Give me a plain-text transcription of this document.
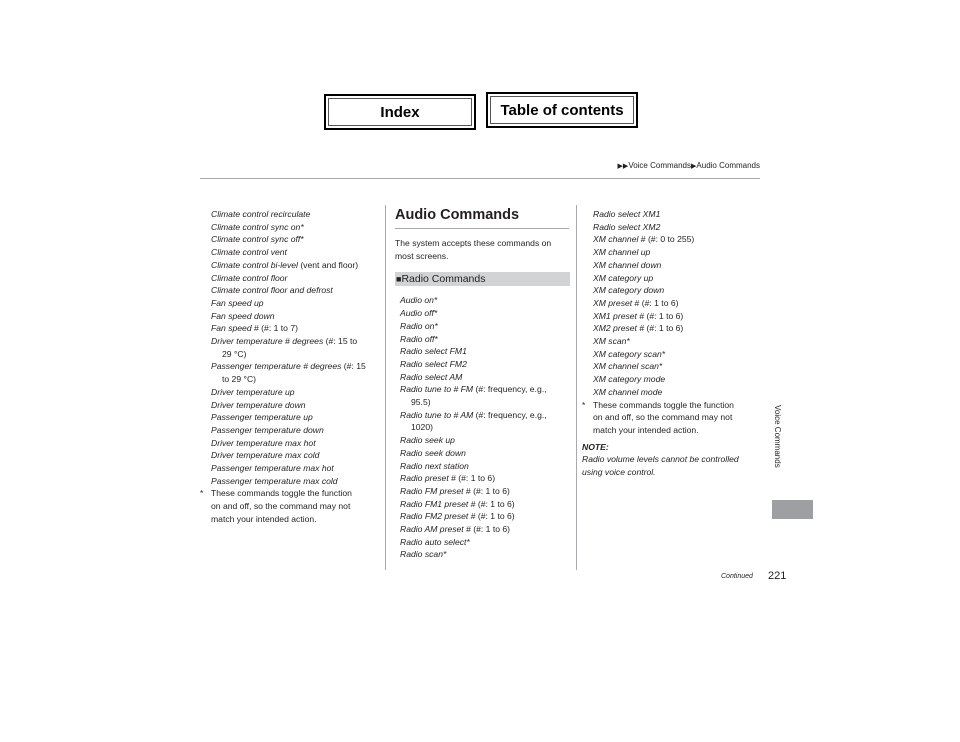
Index	Table of contents
▶▶Voice Commands▶Audio Commands
Climate control recirculate
Climate control sync on*
Climate control sync off*
Climate control vent
Climate control bi-level (vent and floor)
Climate control floor
Climate control floor and defrost
Fan speed up
Fan speed down
Fan speed # (#: 1 to 7)
Driver temperature # degrees (#: 15 to
29 °C)
Passenger temperature # degrees (#: 15
to 29 °C)
Driver temperature up
Driver temperature down
Passenger temperature up
Passenger temperature down
Driver temperature max hot
Driver temperature max cold
Passenger temperature max hot
Passenger temperature max cold
* These commands toggle the function
on and off, so the command may not
match your intended action.
Audio Commands
The system accepts these commands on
most screens.
■Radio Commands
Audio on*
Audio off*
Radio on*
Radio off*
Radio select FM1
Radio select FM2
Radio select AM
Radio tune to # FM (#: frequency, e.g.,
95.5)
Radio tune to # AM (#: frequency, e.g.,
1020)
Radio seek up
Radio seek down
Radio next station
Radio preset # (#: 1 to 6)
Radio FM preset # (#: 1 to 6)
Radio FM1 preset # (#: 1 to 6)
Radio FM2 preset # (#: 1 to 6)
Radio AM preset # (#: 1 to 6)
Radio auto select*
Radio scan*
Radio select XM1
Radio select XM2
XM channel # (#: 0 to 255)
XM channel up
XM channel down
XM category up
XM category down
XM preset # (#: 1 to 6)
XM1 preset # (#: 1 to 6)
XM2 preset # (#: 1 to 6)
XM scan*
XM category scan*
XM channel scan*
XM category mode
XM channel mode
* These commands toggle the function
on and off, so the command may not
match your intended action.
NOTE:
Radio volume levels cannot be controlled
using voice control.
Voice Commands
Continued 221
